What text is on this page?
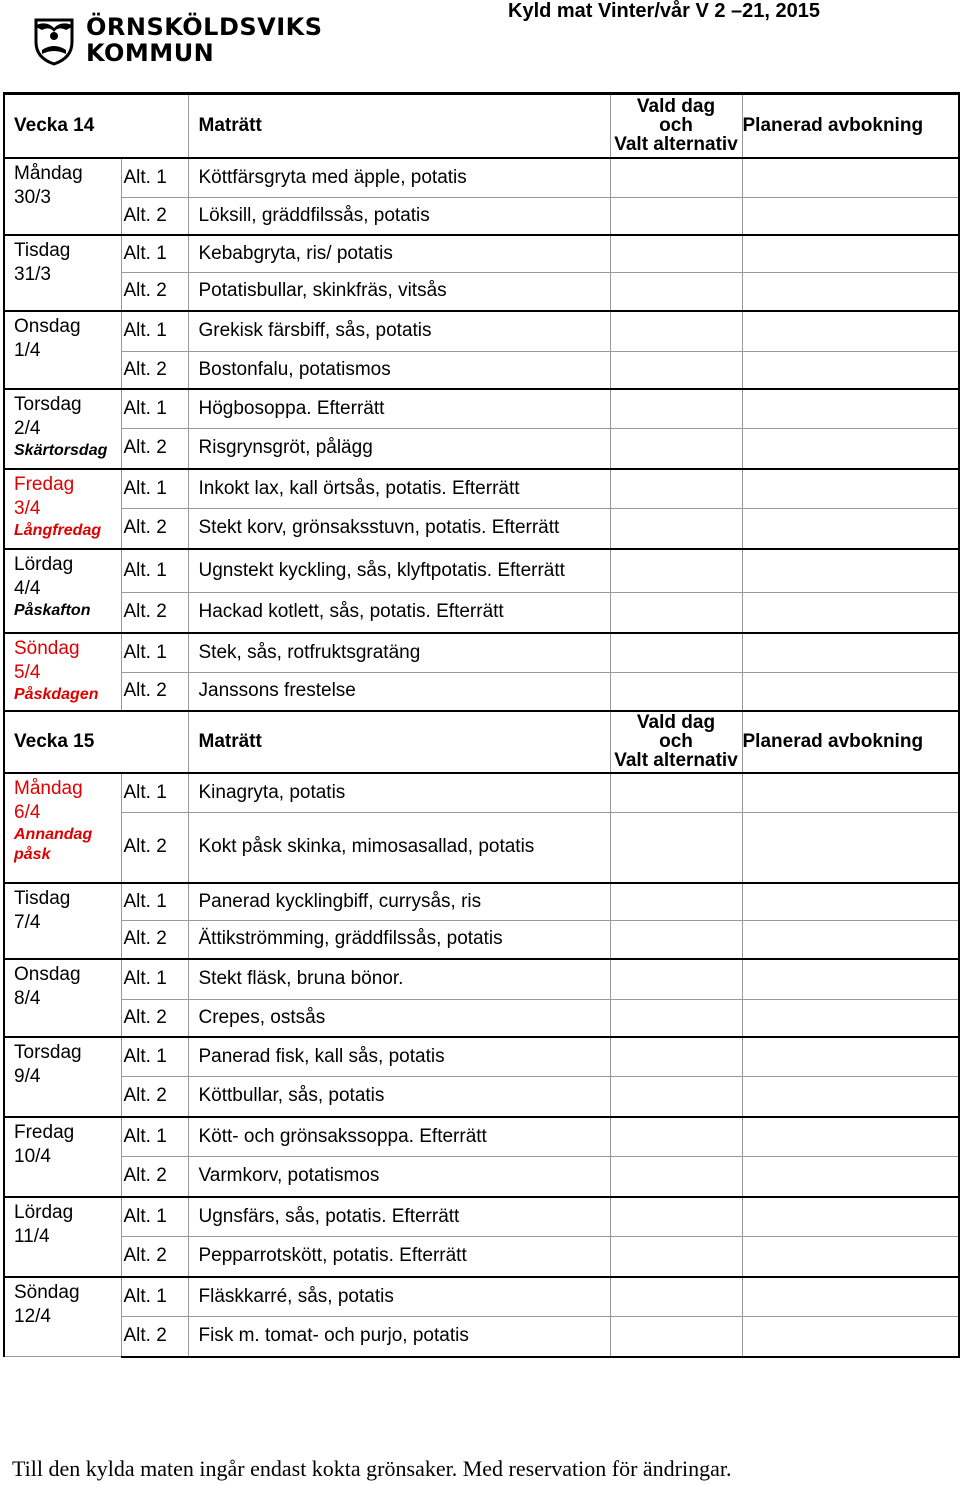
ÖRNSKÖLDSVIKS
KOMMUN
Kyld mat Vinter/vår V 2 –21, 2015
Vecka 14		Maträtt	Vald dag
och
Valt alternativ	Planerad avbokning

Måndag
30/3	Alt. 1	Köttfärsgryta med äpple, potatis		
	Alt. 2	Löksill, gräddfilssås, potatis		

Tisdag
31/3	Alt. 1	Kebabgryta, ris/ potatis		
	Alt. 2	Potatisbullar, skinkfräs, vitsås		

Onsdag
1/4	Alt. 1	Grekisk färsbiff, sås, potatis		
	Alt. 2	Bostonfalu, potatismos		

Torsdag
2/4
Skärtorsdag	Alt. 1	Högbosoppa. Efterrätt		
	Alt. 2	Risgrynsgröt, pålägg		

Fredag
3/4
Långfredag	Alt. 1	Inkokt lax, kall örtsås, potatis. Efterrätt		
	Alt. 2	Stekt korv, grönsaksstuvn, potatis. Efterrätt		

Lördag
4/4
Påskafton	Alt. 1	Ugnstekt kyckling, sås, klyftpotatis. Efterrätt		
	Alt. 2	Hackad kotlett, sås, potatis. Efterrätt		

Söndag
5/4
Påskdagen	Alt. 1	Stek, sås, rotfruktsgratäng		
	Alt. 2	Janssons frestelse		
Vecka 15		Maträtt	Vald dag
och
Valt alternativ	Planerad avbokning

Måndag
6/4
Annandag påsk	Alt. 1	Kinagryta, potatis		
	Alt. 2	Kokt påsk skinka, mimosasallad, potatis		

Tisdag
7/4	Alt. 1	Panerad kycklingbiff, currysås, ris		
	Alt. 2	Ättikströmming, gräddfilssås, potatis		

Onsdag
8/4	Alt. 1	Stekt fläsk, bruna bönor.		
	Alt. 2	Crepes, ostsås		

Torsdag
9/4	Alt. 1	Panerad fisk, kall sås, potatis		
	Alt. 2	Köttbullar, sås, potatis		

Fredag
10/4	Alt. 1	Kött- och grönsakssoppa. Efterrätt		
	Alt. 2	Varmkorv, potatismos		

Lördag
11/4	Alt. 1	Ugnsfärs, sås, potatis. Efterrätt		
	Alt. 2	Pepparrotskött, potatis. Efterrätt		

Söndag
12/4	Alt. 1	Fläskkarré, sås, potatis		
	Alt. 2	Fisk m. tomat- och purjo, potatis		
Till den kylda maten ingår endast kokta grönsaker. Med reservation för ändringar.
